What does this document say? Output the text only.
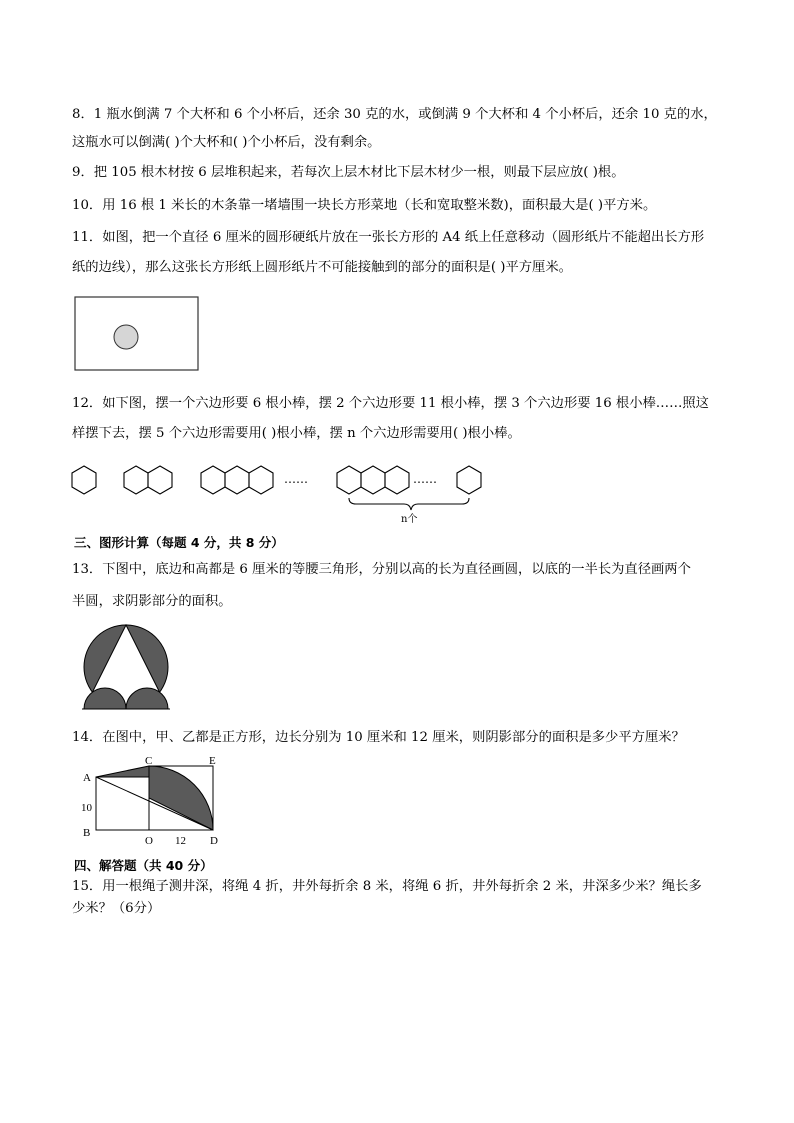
8．1 瓶水倒满 7 个大杯和 6 个小杯后，还余 30 克的水，或倒满 9 个大杯和 4 个小杯后，还余 10 克的水，

这瓶水可以倒满( )个大杯和( )个小杯后，没有剩余。

9．把 105 根木材按 6 层堆积起来，若每次上层木材比下层木材少一根，则最下层应放( )根。

10．用 16 根 1 米长的木条靠一堵墙围一块长方形菜地（长和宽取整米数)，面积最大是( )平方米。

11．如图，把一个直径 6 厘米的圆形硬纸片放在一张长方形的 A4 纸上任意移动（圆形纸片不能超出长方形

纸的边线），那么这张长方形纸上圆形纸片不可能接触到的部分的面积是( )平方厘米。

12．如下图，摆一个六边形要 6 根小棒，摆 2 个六边形要 11 根小棒，摆 3 个六边形要 16 根小棒……照这

样摆下去，摆 5 个六边形需要用( )根小棒，摆 n 个六边形需要用( )根小棒。

……	……
n个

三、图形计算（每题 4 分，共 8 分）

13．下图中，底边和高都是 6 厘米的等腰三角形，分别以高的长为直径画圆，以底的一半长为直径画两个

半圆，求阴影部分的面积。

14．在图中，甲、乙都是正方形，边长分别为 10 厘米和 12 厘米，则阴影部分的面积是多少平方厘米？

A
B
C	E
O	D
10
12

四、解答题（共 40 分）

15．用一根绳子测井深，将绳 4 折，井外每折余 8 米，将绳 6 折，井外每折余 2 米，井深多少米？绳长多

少米？（6分）
